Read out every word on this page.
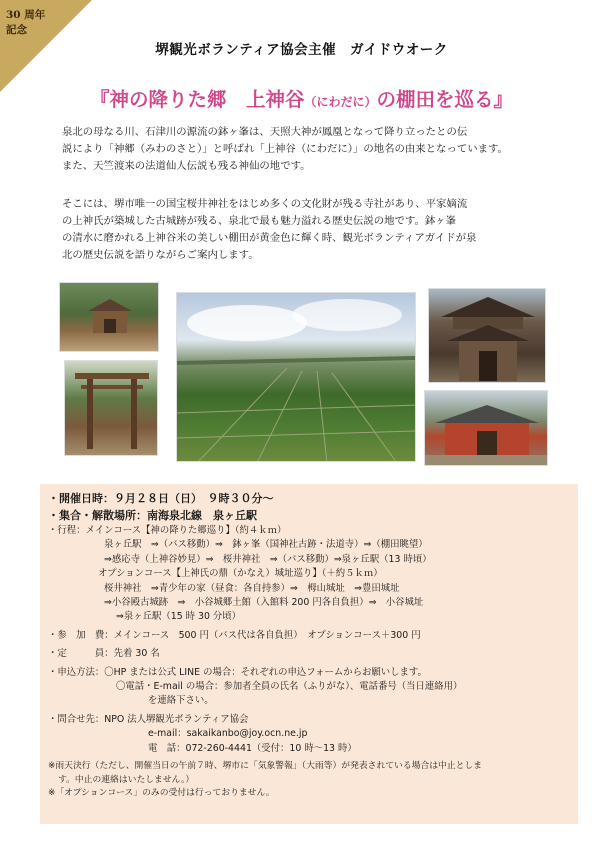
30 周年
記念
堺観光ボランティア協会主催　ガイドウオーク
『神の降りた郷　上神谷（にわだに）の棚田を巡る』
泉北の母なる川、石津川の源流の鉢ヶ峯は、天照大神が鳳凰となって降り立ったとの伝
説により「神郷（みわのさと）」と呼ばれ「上神谷（にわだに）」の地名の由来となっています。
また、天竺渡来の法道仙人伝説も残る神仙の地です。
そこには、堺市唯一の国宝桜井神社をはじめ多くの文化財が残る寺社があり、平家嫡流
の上神氏が築城した古城跡が残る、泉北で最も魅力溢れる歴史伝説の地です。鉢ヶ峯
の清水に磨かれる上神谷米の美しい棚田が黄金色に輝く時、観光ボランティアガイドが泉
北の歴史伝説を語りながらご案内します。
・開催日時：９月２８日（日）　９時３０分～
・集合・解散場所：南海泉北線　泉ヶ丘駅
・行程：メインコース【神の降りた郷巡り】（約４ｋｍ）
泉ヶ丘駅　⇒（バス移動）⇒　鉢ヶ峯（国神社古跡・法道寺）⇒（棚田眺望）
⇒感応寺（上神谷妙見）⇒　桜井神社　⇒（バス移動）⇒泉ヶ丘駅（13 時頃）
オプションコース【上神氏の鼎（かなえ）城址巡り】（＋約５ｋｍ）
桜井神社　⇒青少年の家（昼食：各自持参）⇒　栂山城址　⇒豊田城址
⇒小谷殿古城跡　⇒　小谷城郷土館（入館料 200 円各自負担）⇒　小谷城址
⇒泉ヶ丘駅（15 時 30 分頃）
・参　加　費：メインコース　500 円（バス代は各自負担）　オプションコース＋300 円
・定　　　員：先着 30 名
・申込方法：〇HP または公式 LINE の場合：それぞれの申込フォームからお願いします。
〇電話・E-mail の場合：参加者全員の氏名（ふりがな）、電話番号（当日連絡用）
を連絡下さい。
・問合せ先：NPO 法人堺観光ボランティア協会
e-mail：sakaikanbo@joy.ocn.ne.jp
電　話：072-260-4441（受付：10 時～13 時）
※雨天決行（ただし、開催当日の午前７時、堺市に「気象警報」（大雨等）が発表されている場合は中止としま
す。中止の連絡はいたしません。）
※「オプションコース」のみの受付は行っておりません。
